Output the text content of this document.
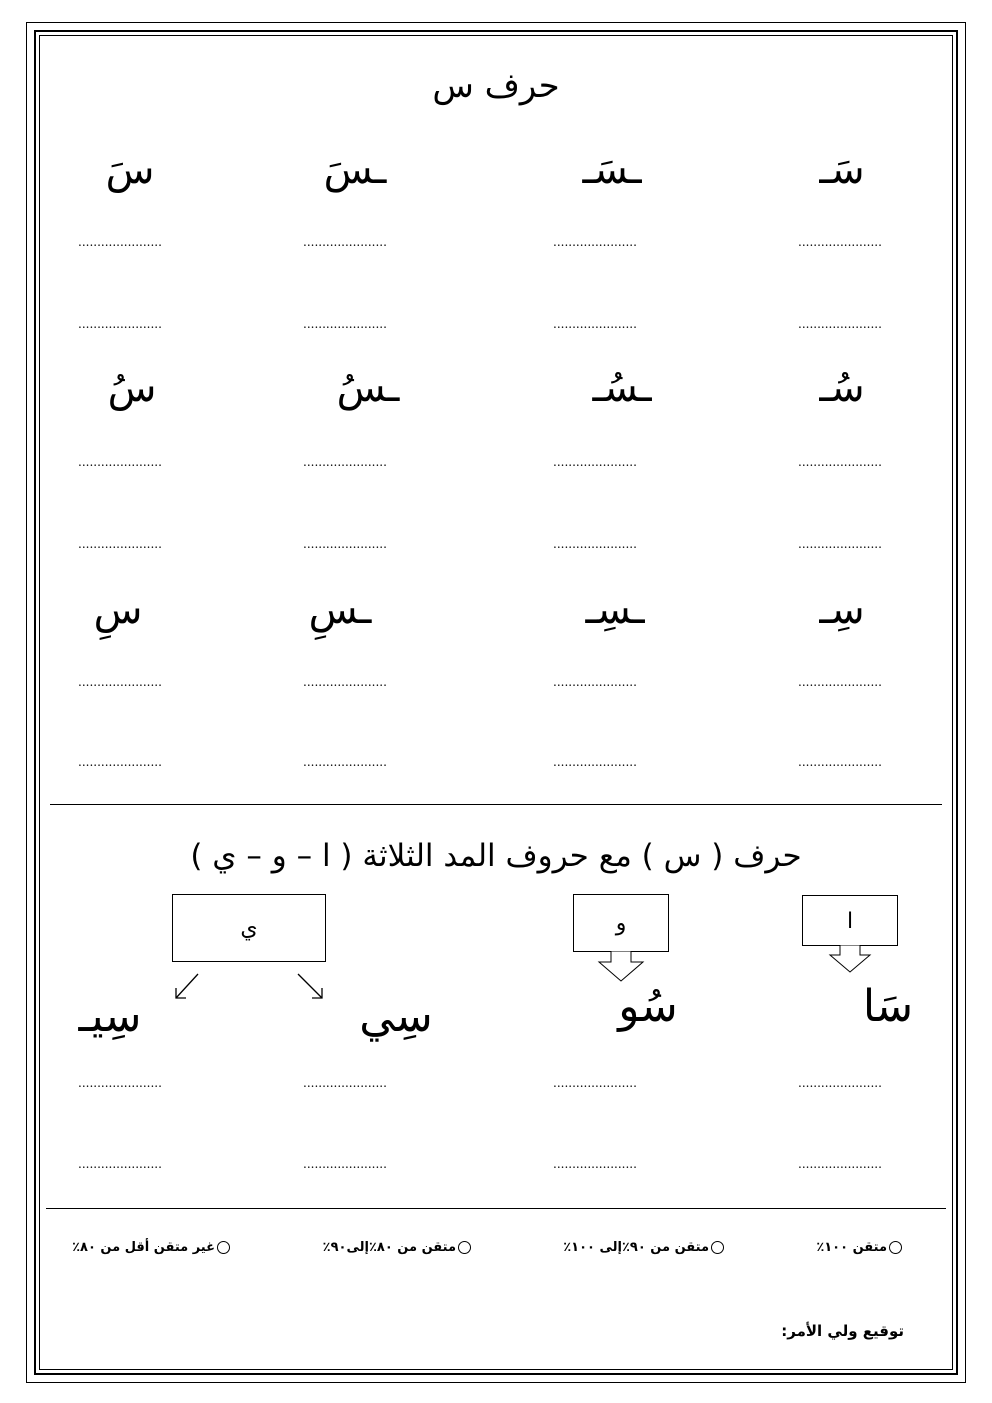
حرف س
سَـ
ـسَـ
ـسَ
سَ
......................
......................
......................
......................
......................
......................
......................
......................
سُـ
ـسُـ
ـسُ
سُ
......................
......................
......................
......................
......................
......................
......................
......................
سِـ
ـسِـ
ـسِ
سِ
......................
......................
......................
......................
......................
......................
......................
......................
حرف ( س ) مع حروف المد الثلاثة ( ا – و – ي )
ا
و
ي
سَا
سُو
سِي
سِيـ
......................
......................
......................
......................
......................
......................
......................
......................
متقن ١٠٠٪
متقن من ٩٠٪إلى ١٠٠٪
متقن من ٨٠٪إلى٩٠٪
غير متقن أقل من ٨٠٪
توقيع ولي الأمر:
